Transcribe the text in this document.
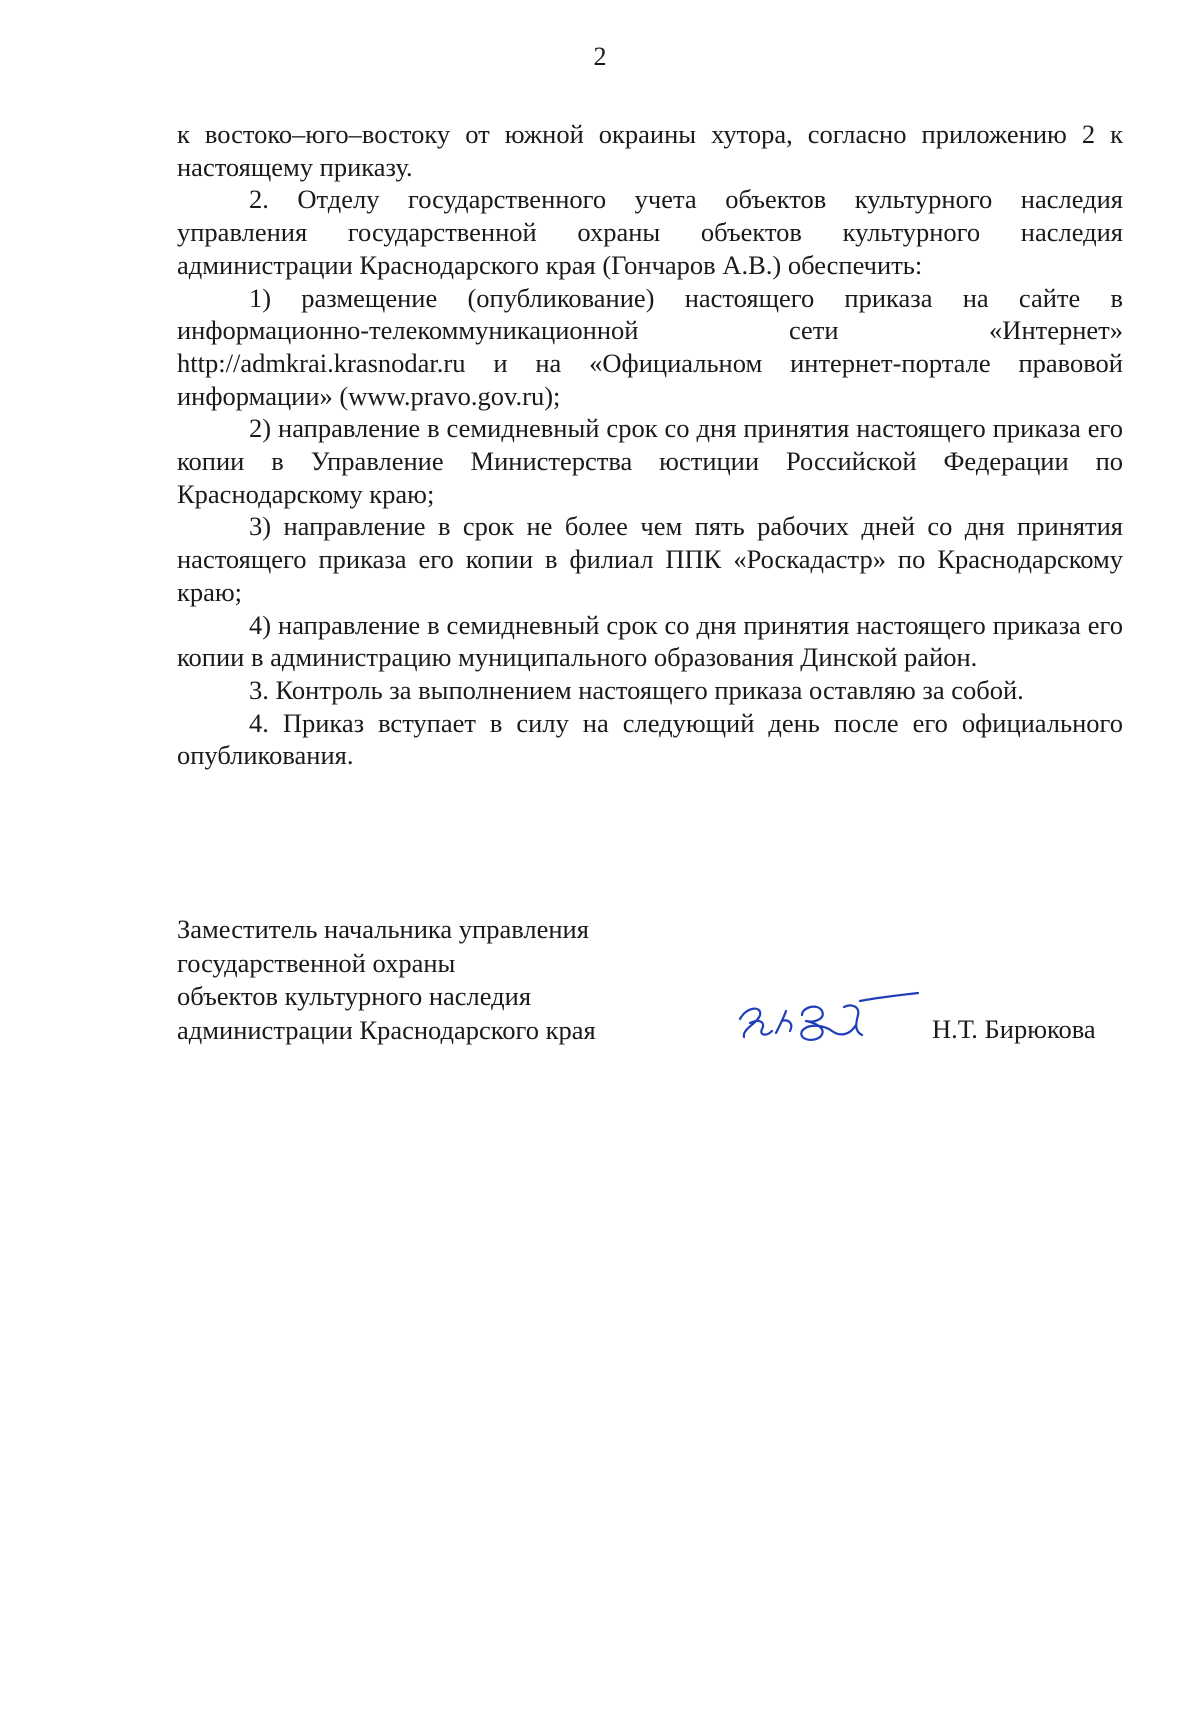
2

к востоко–юго–востоку от южной окраины хутора, согласно приложению 2 к настоящему приказу.

2. Отделу государственного учета объектов культурного наследия управления государственной охраны объектов культурного наследия администрации Краснодарского края (Гончаров А.В.) обеспечить:

1) размещение (опубликование) настоящего приказа на сайте в информационно-телекоммуникационной сети «Интернет» http://admkrai.krasnodar.ru и на «Официальном интернет-портале правовой информации» (www.pravo.gov.ru);

2) направление в семидневный срок со дня принятия настоящего приказа его копии в Управление Министерства юстиции Российской Федерации по Краснодарскому краю;

3) направление в срок не более чем пять рабочих дней со дня принятия настоящего приказа его копии в филиал ППК «Роскадастр» по Краснодарскому краю;

4) направление в семидневный срок со дня принятия настоящего приказа его копии в администрацию муниципального образования Динской район.

3. Контроль за выполнением настоящего приказа оставляю за собой.

4. Приказ вступает в силу на следующий день после его официального опубликования.

Заместитель начальника управления
государственной охраны
объектов культурного наследия
администрации Краснодарского края	Н.Т. Бирюкова
